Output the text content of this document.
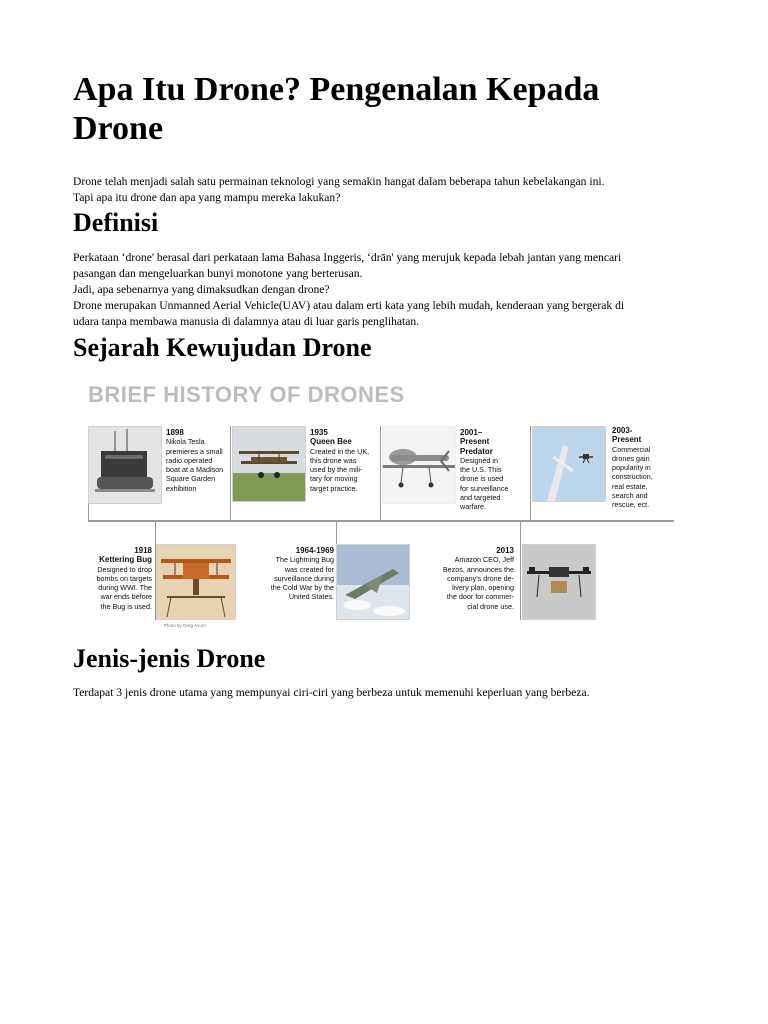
Apa Itu Drone? Pengenalan Kepada Drone

Drone telah menjadi salah satu permainan teknologi yang semakin hangat dalam beberapa tahun kebelakangan ini.
Tapi apa itu drone dan apa yang mampu mereka lakukan?

Definisi

Perkataan ‘drone' berasal dari perkataan lama Bahasa Inggeris, ‘drān' yang merujuk kepada lebah jantan yang mencari
pasangan dan mengeluarkan bunyi monotone yang berterusan.
Jadi, apa sebenarnya yang dimaksudkan dengan drone?
Drone merupakan Unmanned Aerial Vehicle(UAV) atau dalam erti kata yang lebih mudah, kenderaan yang bergerak di
udara tanpa membawa manusia di dalamnya atau di luar garis penglihatan.

Sejarah Kewujudan Drone
Jenis-jenis Drone

Terdapat 3 jenis drone utama yang mempunyai ciri-ciri yang berbeza untuk memenuhi keperluan yang berbeza.

BRIEF HISTORY OF DRONES
1898
Nikola Tesla
premieres a small
radio operated
boat at a Madison
Square Garden
exhibition
1935
Queen Bee
Created in the UK,
this drone was
used by the mili-
tary for moving
target practice.
2001–
Present
Predator
Designed in
the U.S. This
drone is used
for surveillance
and targeted
warfare.
2003-
Present
Commercial
drones gain
popularity in
construction,
real estate,
search and
rescue, ect.
1918
Kettering Bug
Designed to drop
bombs on targets
during WWI. The
war ends before
the Bug is used.
Photo by Greg Acorn
1964-1969
The Lightning Bug
was created for
surveillance during
the Cold War by the
United States.
2013
Amazon CEO, Jeff
Bezos, announces the
company's drone de-
livery plan, opening
the door for commer-
cial drone use.
